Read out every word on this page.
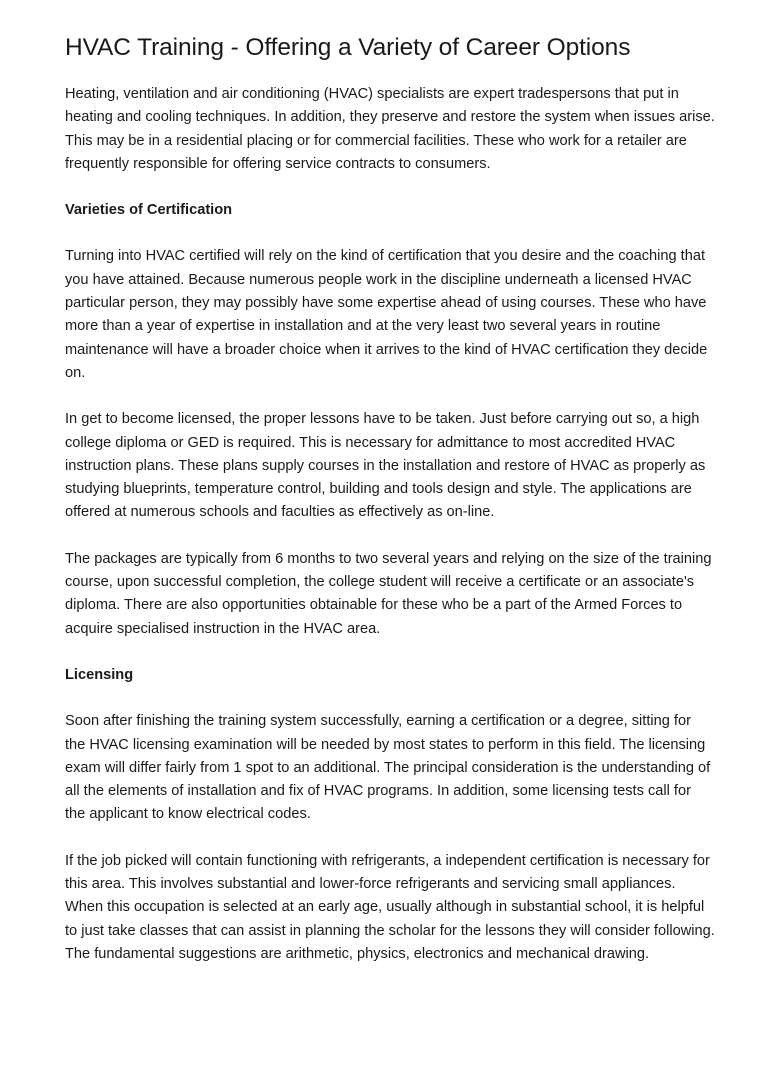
HVAC Training - Offering a Variety of Career Options

Heating, ventilation and air conditioning (HVAC) specialists are expert tradespersons that put in heating and cooling techniques. In addition, they preserve and restore the system when issues arise. This may be in a residential placing or for commercial facilities. These who work for a retailer are frequently responsible for offering service contracts to consumers.

Varieties of Certification

Turning into HVAC certified will rely on the kind of certification that you desire and the coaching that you have attained. Because numerous people work in the discipline underneath a licensed HVAC particular person, they may possibly have some expertise ahead of using courses. These who have more than a year of expertise in installation and at the very least two several years in routine maintenance will have a broader choice when it arrives to the kind of HVAC certification they decide on.

In get to become licensed, the proper lessons have to be taken. Just before carrying out so, a high college diploma or GED is required. This is necessary for admittance to most accredited HVAC instruction plans. These plans supply courses in the installation and restore of HVAC as properly as studying blueprints, temperature control, building and tools design and style. The applications are offered at numerous schools and faculties as effectively as on-line.

The packages are typically from 6 months to two several years and relying on the size of the training course, upon successful completion, the college student will receive a certificate or an associate's diploma. There are also opportunities obtainable for these who be a part of the Armed Forces to acquire specialised instruction in the HVAC area.

Licensing

Soon after finishing the training system successfully, earning a certification or a degree, sitting for the HVAC licensing examination will be needed by most states to perform in this field. The licensing exam will differ fairly from 1 spot to an additional. The principal consideration is the understanding of all the elements of installation and fix of HVAC programs. In addition, some licensing tests call for the applicant to know electrical codes.

If the job picked will contain functioning with refrigerants, a independent certification is necessary for this area. This involves substantial and lower-force refrigerants and servicing small appliances. When this occupation is selected at an early age, usually although in substantial school, it is helpful to just take classes that can assist in planning the scholar for the lessons they will consider following. The fundamental suggestions are arithmetic, physics, electronics and mechanical drawing.
